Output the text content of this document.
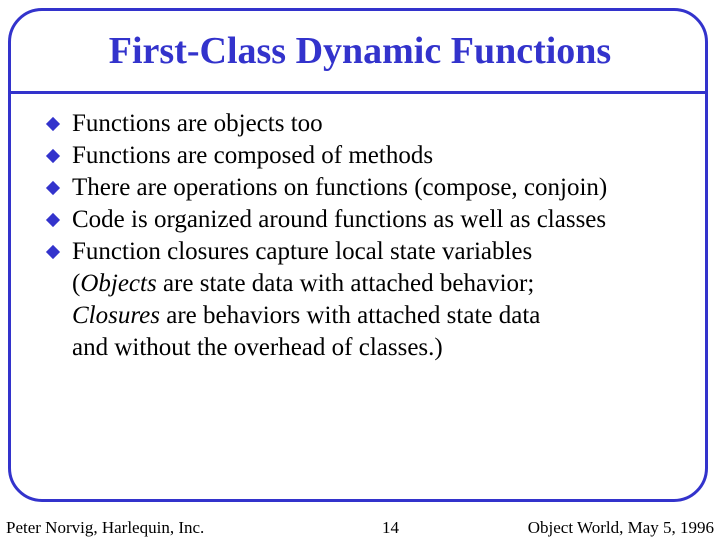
First-Class Dynamic Functions
Functions are objects too
Functions are composed of methods
There are operations on functions (compose, conjoin)
Code is organized around functions as well as classes
Function closures capture local state variables
(Objects are state data with attached behavior;
Closures are behaviors with attached state data
and without the overhead of classes.)
Peter Norvig, Harlequin, Inc.	14	Object World, May 5, 1996
